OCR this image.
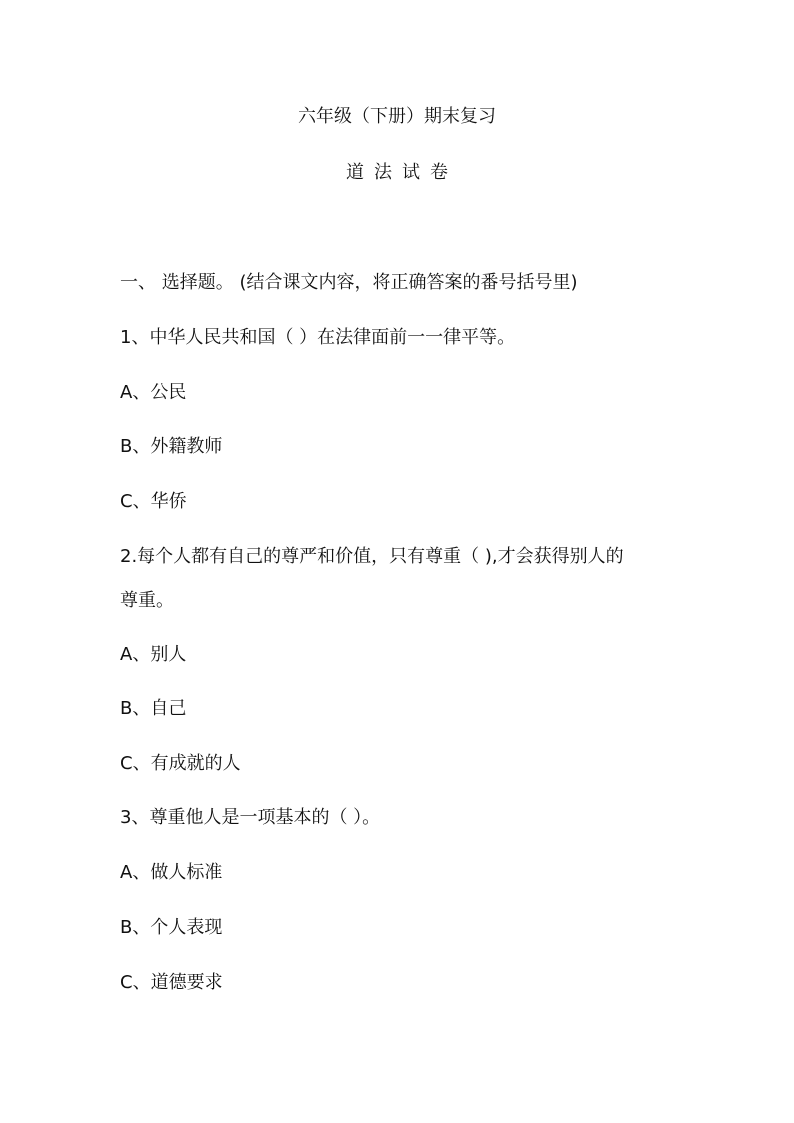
六年级（下册）期末复习
道法试卷
一、 选择题。 (结合课文内容，将正确答案的番号括号里)
1、中华人民共和国（ ）在法律面前一一律平等。
A、公民
B、外籍教师
C、华侨
2.每个人都有自己的尊严和价值，只有尊重（ ),才会获得别人的
尊重。
A、别人
B、自己
C、有成就的人
3、尊重他人是一项基本的（ ）。
A、做人标准
B、个人表现
C、道德要求
